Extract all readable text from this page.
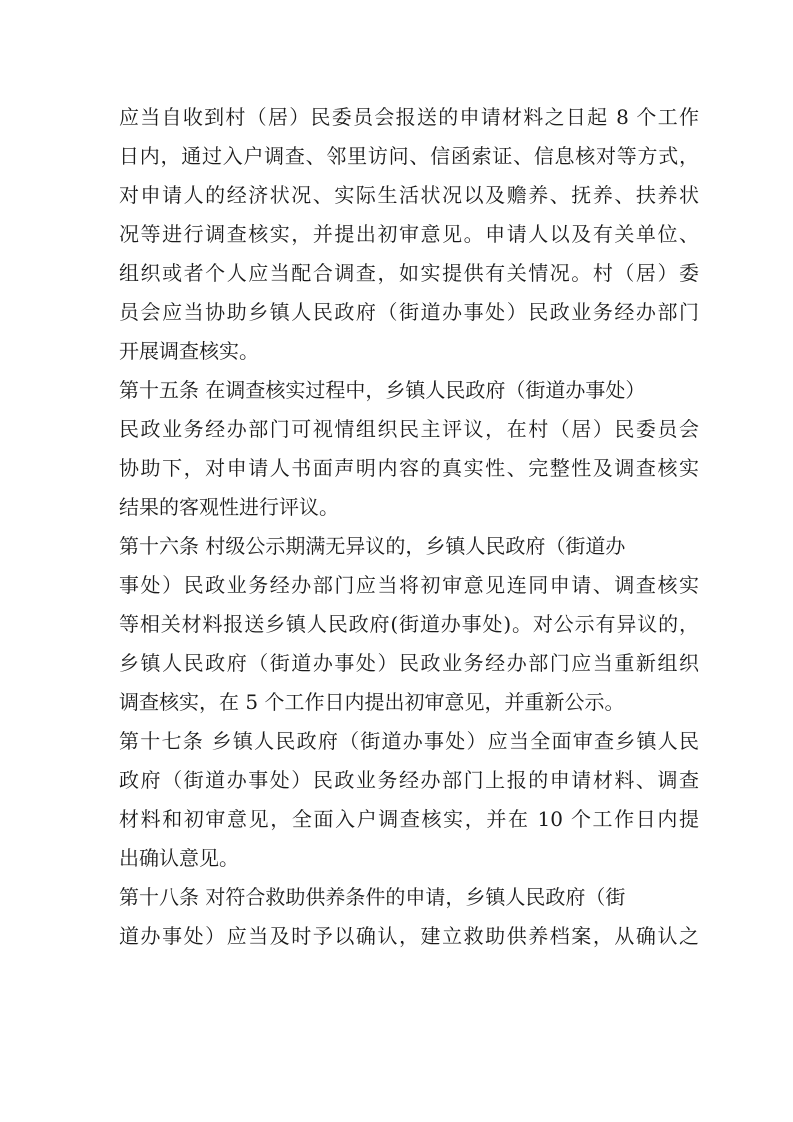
应当自收到村（居）民委员会报送的申请材料之日起 8 个工作
日内，通过入户调查、邻里访问、信函索证、信息核对等方式，
对申请人的经济状况、实际生活状况以及赡养、抚养、扶养状
况等进行调查核实，并提出初审意见。申请人以及有关单位、
组织或者个人应当配合调查，如实提供有关情况。村（居）委
员会应当协助乡镇人民政府（街道办事处）民政业务经办部门
开展调查核实。
第十五条 在调查核实过程中，乡镇人民政府（街道办事处）
民政业务经办部门可视情组织民主评议，在村（居）民委员会
协助下，对申请人书面声明内容的真实性、完整性及调查核实
结果的客观性进行评议。
第十六条 村级公示期满无异议的，乡镇人民政府（街道办
事处）民政业务经办部门应当将初审意见连同申请、调查核实
等相关材料报送乡镇人民政府(街道办事处)。对公示有异议的，
乡镇人民政府（街道办事处）民政业务经办部门应当重新组织
调查核实，在 5 个工作日内提出初审意见，并重新公示。
第十七条 乡镇人民政府（街道办事处）应当全面审查乡镇人民
政府（街道办事处）民政业务经办部门上报的申请材料、调查
材料和初审意见，全面入户调查核实，并在 10 个工作日内提
出确认意见。
第十八条 对符合救助供养条件的申请，乡镇人民政府（街
道办事处）应当及时予以确认，建立救助供养档案，从确认之
